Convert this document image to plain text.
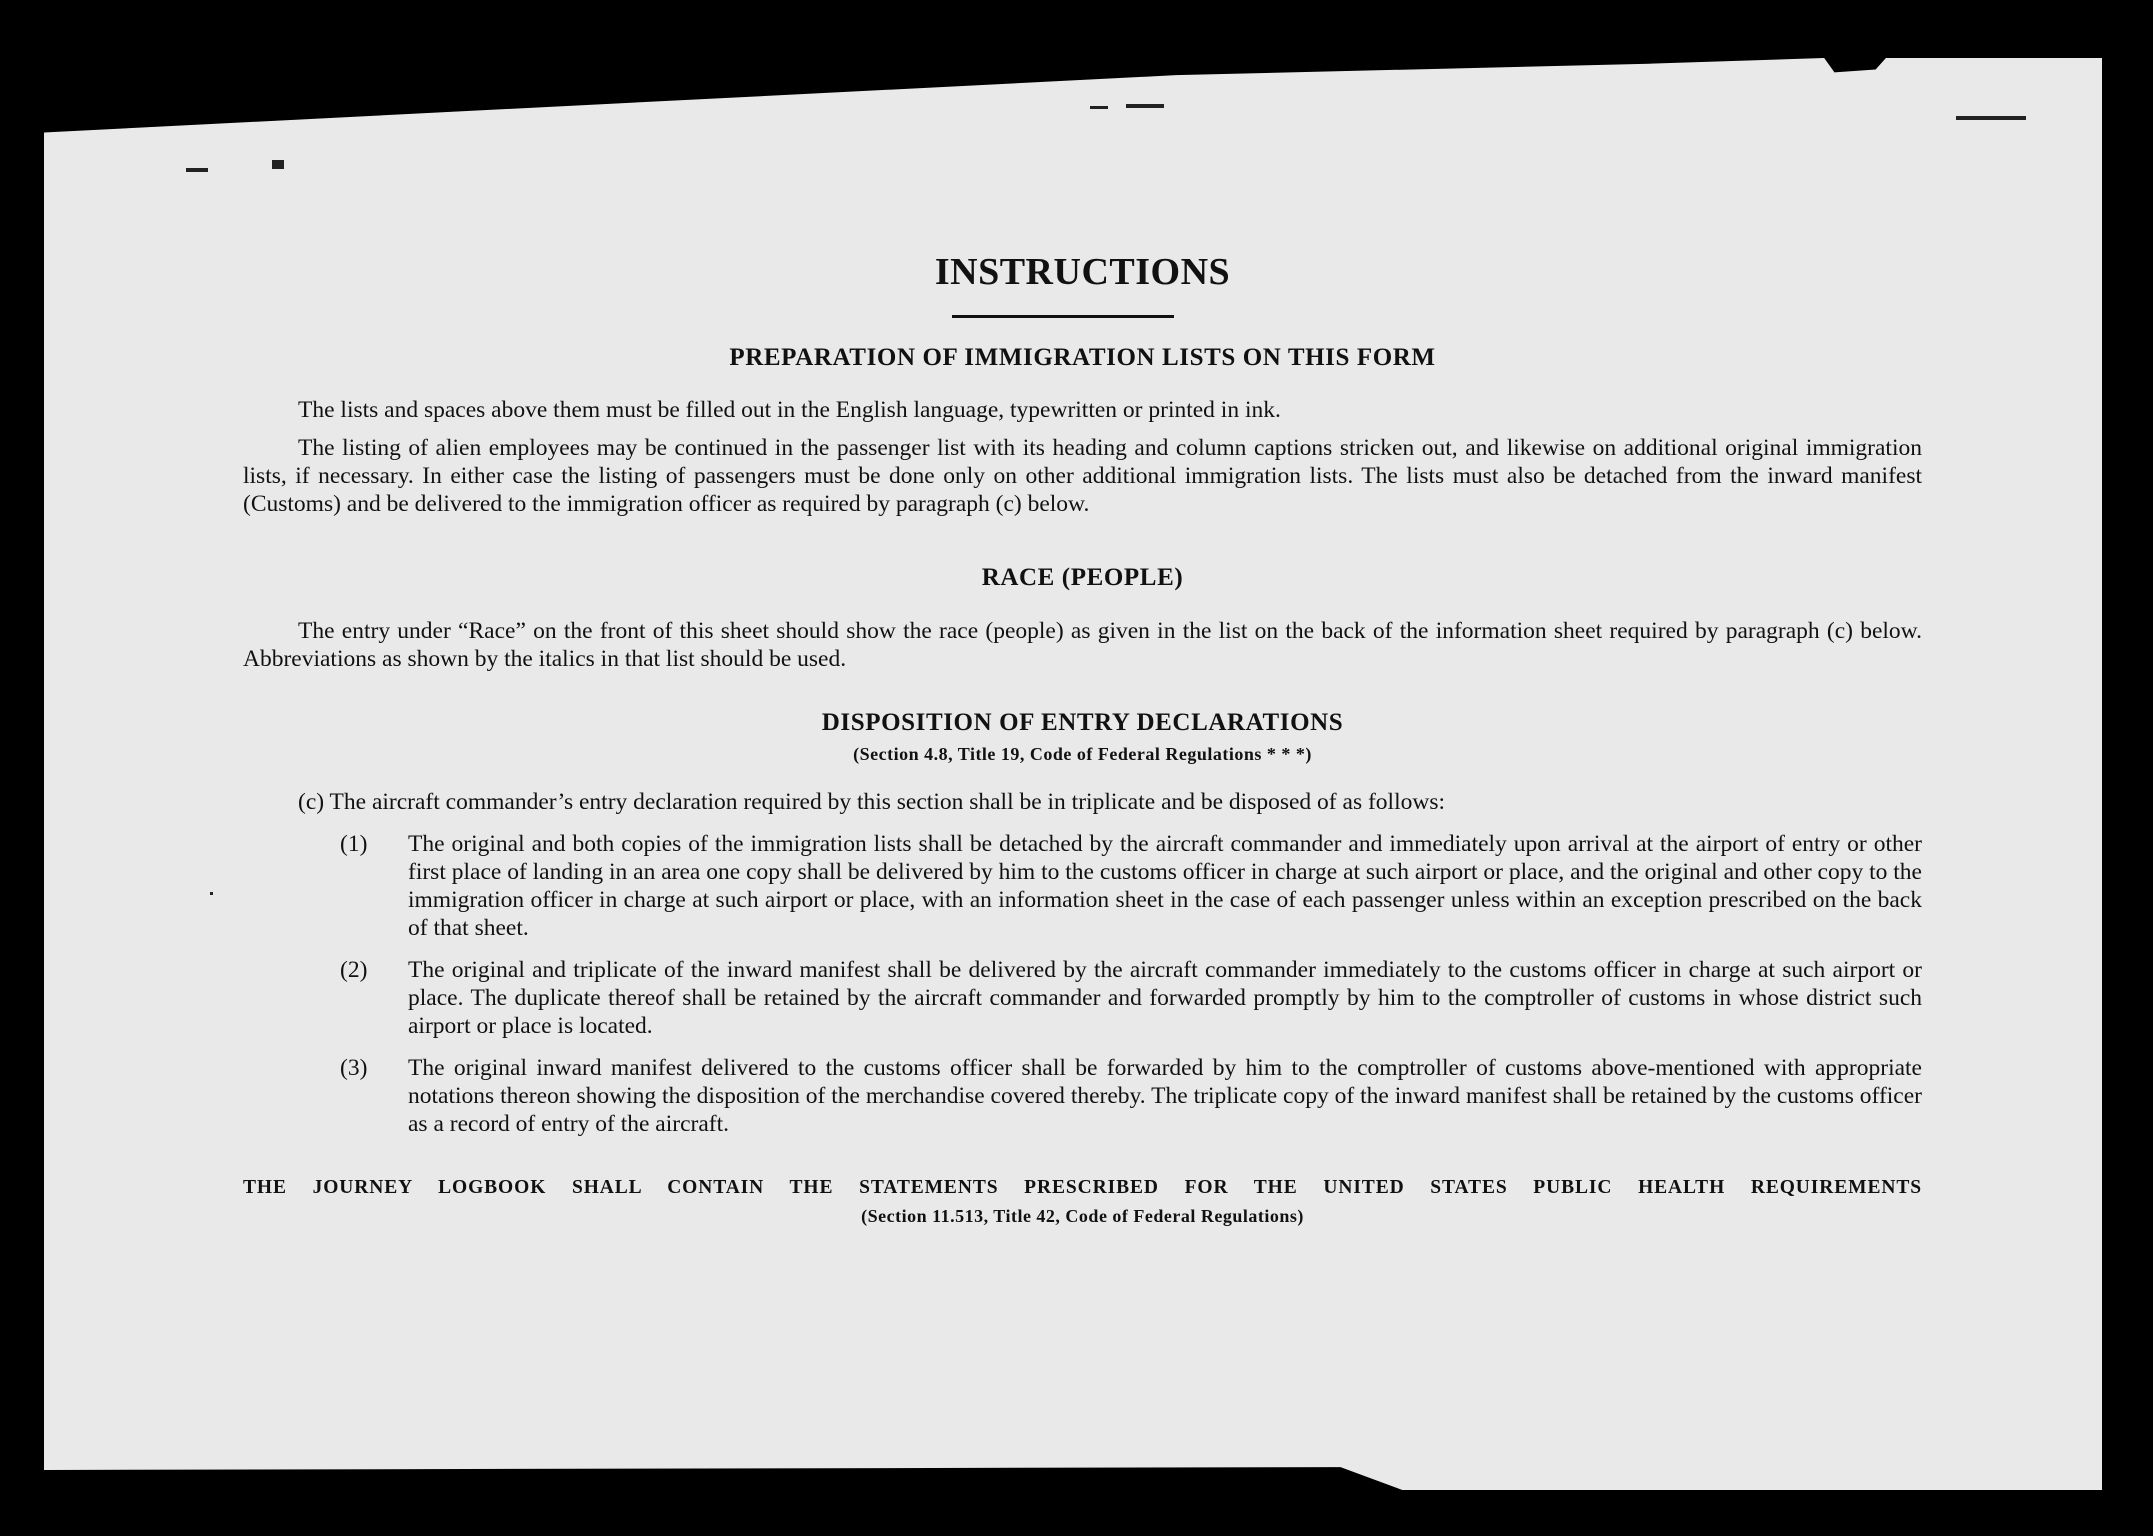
INSTRUCTIONS
PREPARATION OF IMMIGRATION LISTS ON THIS FORM
The lists and spaces above them must be filled out in the English language, typewritten or printed in ink.
The listing of alien employees may be continued in the passenger list with its heading and column captions stricken out, and likewise on additional original immigration lists, if necessary. In either case the listing of passengers must be done only on other additional immigration lists. The lists must also be detached from the inward manifest (Customs) and be delivered to the immigration officer as required by paragraph (c) below.
RACE (PEOPLE)
The entry under “Race” on the front of this sheet should show the race (people) as given in the list on the back of the information sheet required by paragraph (c) below. Abbreviations as shown by the italics in that list should be used.
DISPOSITION OF ENTRY DECLARATIONS
(Section 4.8, Title 19, Code of Federal Regulations * * *)
(c) The aircraft commander’s entry declaration required by this section shall be in triplicate and be disposed of as follows:
(1) The original and both copies of the immigration lists shall be detached by the aircraft commander and immediately upon arrival at the airport of entry or other first place of landing in an area one copy shall be delivered by him to the customs officer in charge at such airport or place, and the original and other copy to the immigration officer in charge at such airport or place, with an information sheet in the case of each passenger unless within an exception prescribed on the back of that sheet.
(2) The original and triplicate of the inward manifest shall be delivered by the aircraft commander immediately to the customs officer in charge at such airport or place. The duplicate thereof shall be retained by the aircraft commander and forwarded promptly by him to the comptroller of customs in whose district such airport or place is located.
(3) The original inward manifest delivered to the customs officer shall be forwarded by him to the comptroller of customs above-mentioned with appropriate notations thereon showing the disposition of the merchandise covered thereby. The triplicate copy of the inward manifest shall be retained by the customs officer as a record of entry of the aircraft.
THE JOURNEY LOGBOOK SHALL CONTAIN THE STATEMENTS PRESCRIBED FOR THE UNITED STATES PUBLIC HEALTH REQUIREMENTS
(Section 11.513, Title 42, Code of Federal Regulations)
